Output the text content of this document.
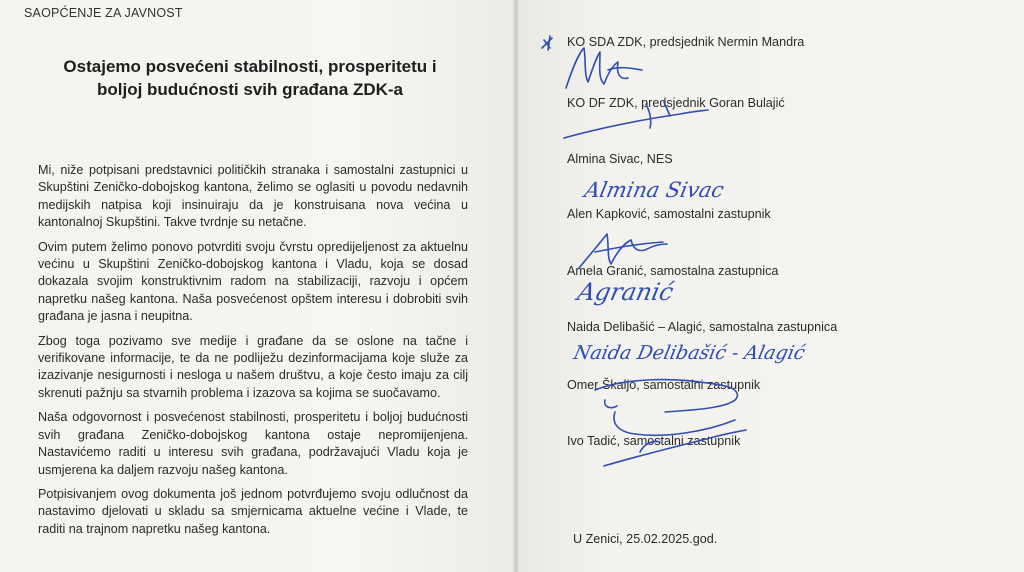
SAOPĆENJE ZA JAVNOST
Ostajemo posvećeni stabilnosti, prosperitetu i boljoj budućnosti svih građana ZDK-a

Mi, niže potpisani predstavnici političkih stranaka i samostalni zastupnici u Skupštini Zeničko-dobojskog kantona, želimo se oglasiti u povodu nedavnih medijskih natpisa koji insinuiraju da je konstruisana nova većina u kantonalnoj Skupštini. Takve tvrdnje su netačne.

Ovim putem želimo ponovo potvrditi svoju čvrstu opredijeljenost za aktuelnu većinu u Skupštini Zeničko-dobojskog kantona i Vladu, koja se dosad dokazala svojim konstruktivnim radom na stabilizaciji, razvoju i općem napretku našeg kantona. Naša posvećenost opštem interesu i dobrobiti svih građana je jasna i neupitna.

Zbog toga pozivamo sve medije i građane da se oslone na tačne i verifikovane informacije, te da ne podliježu dezinformacijama koje služe za izazivanje nesigurnosti i nesloga u našem društvu, a koje često imaju za cilj skrenuti pažnju sa stvarnih problema i izazova sa kojima se suočavamo.

Naša odgovornost i posvećenost stabilnosti, prosperitetu i boljoj budućnosti svih građana Zeničko-dobojskog kantona ostaje nepromijenjena. Nastavićemo raditi u interesu svih građana, podržavajući Vladu koja je usmjerena ka daljem razvoju našeg kantona.

Potpisivanjem ovog dokumenta još jednom potvrđujemo svoju odlučnost da nastavimo djelovati u skladu sa smjernicama aktuelne većine i Vlade, te raditi na trajnom napretku našeg kantona.

KO SDA ZDK, predsjednik Nermin Mandra
KO DF ZDK, predsjednik Goran Bulajić
Almina Sivac, NES
Alen Kapković, samostalni zastupnik
Amela Granić, samostalna zastupnica
Naida Delibašić – Alagić, samostalna zastupnica
Omer Škaljo, samostalni zastupnik
Ivo Tadić, samostalni zastupnik
Almina Sivac
Agranić
Naida Delibašić - Alagić
U Zenici, 25.02.2025.god.
